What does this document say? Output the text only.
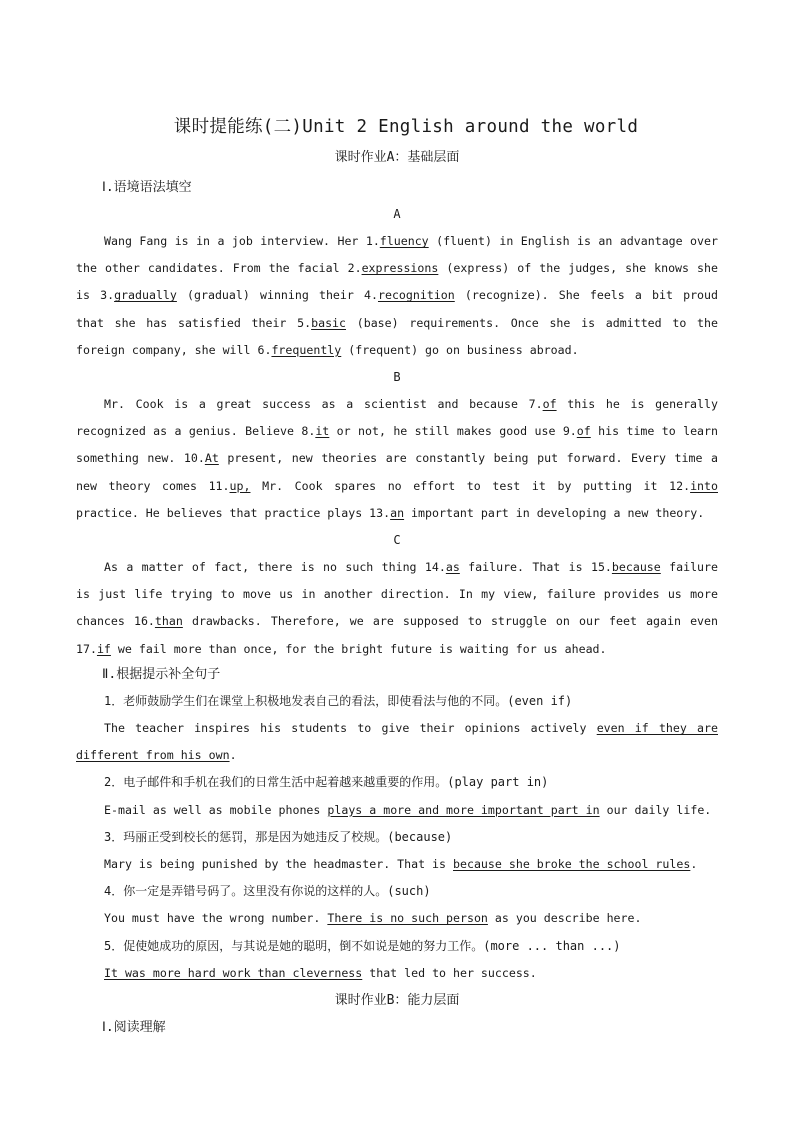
课时提能练(二)Unit 2 English around the world
课时作业A：基础层面
Ⅰ.语境语法填空
A

Wang Fang is in a job interview. Her 1.fluency (fluent) in English is an advantage over the other candidates. From the facial 2.expressions (express) of the judges, she knows she is 3.gradually (gradual) winning their 4.recognition (recognize). She feels a bit proud that she has satisfied their 5.basic (base) requirements. Once she is admitted to the foreign company, she will 6.frequently (frequent) go on business abroad.

B

Mr. Cook is a great success as a scientist and because 7.of this he is generally recognized as a genius. Believe 8.it or not, he still makes good use 9.of his time to learn something new. 10.At present, new theories are constantly being put forward. Every time a new theory comes 11.up, Mr. Cook spares no effort to test it by putting it 12.into practice. He believes that practice plays 13.an important part in developing a new theory.

C

As a matter of fact, there is no such thing 14.as failure. That is 15.because failure is just life trying to move us in another direction. In my view, failure provides us more chances 16.than drawbacks. Therefore, we are supposed to struggle on our feet again even 17.if we fail more than once, for the bright future is waiting for us ahead.

Ⅱ.根据提示补全句子

1．老师鼓励学生们在课堂上积极地发表自己的看法，即使看法与他的不同。(even if)

The teacher inspires his students to give their opinions actively even if they are different from his own.

2．电子邮件和手机在我们的日常生活中起着越来越重要的作用。(play part in)

E-mail as well as mobile phones plays a more and more important part in our daily life.

3．玛丽正受到校长的惩罚，那是因为她违反了校规。(because)

Mary is being punished by the headmaster. That is because she broke the school rules.

4．你一定是弄错号码了。这里没有你说的这样的人。(such)

You must have the wrong number. There is no such person as you describe here.

5．促使她成功的原因，与其说是她的聪明，倒不如说是她的努力工作。(more ... than ...)

It was more hard work than cleverness that led to her success.

课时作业B：能力层面
Ⅰ.阅读理解
